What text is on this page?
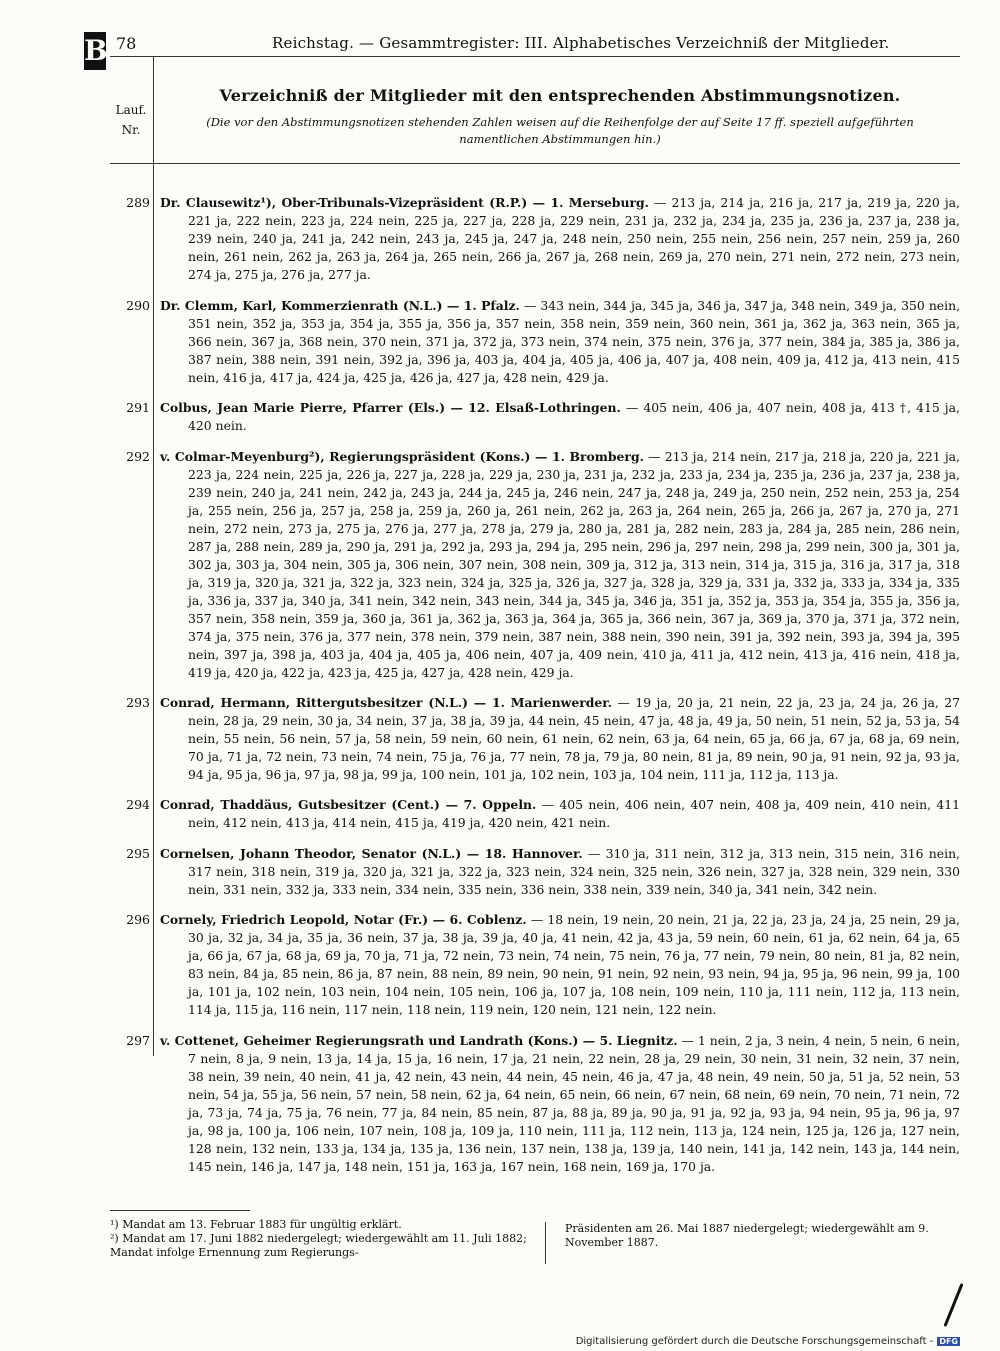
B 78	Reichstag. — Gesammtregister: III. Alphabetisches Verzeichniß der Mitglieder.
Lauf.
Nr.
Verzeichniß der Mitglieder mit den entsprechenden Abstimmungsnotizen.
(Die vor den Abstimmungsnotizen stehenden Zahlen weisen auf die Reihenfolge der auf Seite 17 ff. speziell aufgeführten namentlichen Abstimmungen hin.)
289 Dr. Clausewitz¹), Ober-Tribunals-Vizepräsident (R.P.) — 1. Merseburg. — 213 ja, 214 ja, 216 ja, 217 ja, 219 ja, 220 ja, 221 ja, 222 nein, 223 ja, 224 nein, 225 ja, 227 ja, 228 ja, 229 nein, 231 ja, 232 ja, 234 ja, 235 ja, 236 ja, 237 ja, 238 ja, 239 nein, 240 ja, 241 ja, 242 nein, 243 ja, 245 ja, 247 ja, 248 nein, 250 nein, 255 nein, 256 nein, 257 nein, 259 ja, 260 nein, 261 nein, 262 ja, 263 ja, 264 ja, 265 nein, 266 ja, 267 ja, 268 nein, 269 ja, 270 nein, 271 nein, 272 nein, 273 nein, 274 ja, 275 ja, 276 ja, 277 ja.

290 Dr. Clemm, Karl, Kommerzienrath (N.L.) — 1. Pfalz. — 343 nein, 344 ja, 345 ja, 346 ja, 347 ja, 348 nein, 349 ja, 350 nein, 351 nein, 352 ja, 353 ja, 354 ja, 355 ja, 356 ja, 357 nein, 358 nein, 359 nein, 360 nein, 361 ja, 362 ja, 363 nein, 365 ja, 366 nein, 367 ja, 368 nein, 370 nein, 371 ja, 372 ja, 373 nein, 374 nein, 375 nein, 376 ja, 377 nein, 384 ja, 385 ja, 386 ja, 387 nein, 388 nein, 391 nein, 392 ja, 396 ja, 403 ja, 404 ja, 405 ja, 406 ja, 407 ja, 408 nein, 409 ja, 412 ja, 413 nein, 415 nein, 416 ja, 417 ja, 424 ja, 425 ja, 426 ja, 427 ja, 428 nein, 429 ja.

291 Colbus, Jean Marie Pierre, Pfarrer (Els.) — 12. Elsaß-Lothringen. — 405 nein, 406 ja, 407 nein, 408 ja, 413 †, 415 ja, 420 nein.

292 v. Colmar-Meyenburg²), Regierungspräsident (Kons.) — 1. Bromberg. — 213 ja, 214 nein, 217 ja, 218 ja, 220 ja, 221 ja, 223 ja, 224 nein, 225 ja, 226 ja, 227 ja, 228 ja, 229 ja, 230 ja, 231 ja, 232 ja, 233 ja, 234 ja, 235 ja, 236 ja, 237 ja, 238 ja, 239 nein, 240 ja, 241 nein, 242 ja, 243 ja, 244 ja, 245 ja, 246 nein, 247 ja, 248 ja, 249 ja, 250 nein, 252 nein, 253 ja, 254 ja, 255 nein, 256 ja, 257 ja, 258 ja, 259 ja, 260 ja, 261 nein, 262 ja, 263 ja, 264 nein, 265 ja, 266 ja, 267 ja, 270 ja, 271 nein, 272 nein, 273 ja, 275 ja, 276 ja, 277 ja, 278 ja, 279 ja, 280 ja, 281 ja, 282 nein, 283 ja, 284 ja, 285 nein, 286 nein, 287 ja, 288 nein, 289 ja, 290 ja, 291 ja, 292 ja, 293 ja, 294 ja, 295 nein, 296 ja, 297 nein, 298 ja, 299 nein, 300 ja, 301 ja, 302 ja, 303 ja, 304 nein, 305 ja, 306 nein, 307 nein, 308 nein, 309 ja, 312 ja, 313 nein, 314 ja, 315 ja, 316 ja, 317 ja, 318 ja, 319 ja, 320 ja, 321 ja, 322 ja, 323 nein, 324 ja, 325 ja, 326 ja, 327 ja, 328 ja, 329 ja, 331 ja, 332 ja, 333 ja, 334 ja, 335 ja, 336 ja, 337 ja, 340 ja, 341 nein, 342 nein, 343 nein, 344 ja, 345 ja, 346 ja, 351 ja, 352 ja, 353 ja, 354 ja, 355 ja, 356 ja, 357 nein, 358 nein, 359 ja, 360 ja, 361 ja, 362 ja, 363 ja, 364 ja, 365 ja, 366 nein, 367 ja, 369 ja, 370 ja, 371 ja, 372 nein, 374 ja, 375 nein, 376 ja, 377 nein, 378 nein, 379 nein, 387 nein, 388 nein, 390 nein, 391 ja, 392 nein, 393 ja, 394 ja, 395 nein, 397 ja, 398 ja, 403 ja, 404 ja, 405 ja, 406 nein, 407 ja, 409 nein, 410 ja, 411 ja, 412 nein, 413 ja, 416 nein, 418 ja, 419 ja, 420 ja, 422 ja, 423 ja, 425 ja, 427 ja, 428 nein, 429 ja.

293 Conrad, Hermann, Rittergutsbesitzer (N.L.) — 1. Marienwerder. — 19 ja, 20 ja, 21 nein, 22 ja, 23 ja, 24 ja, 26 ja, 27 nein, 28 ja, 29 nein, 30 ja, 34 nein, 37 ja, 38 ja, 39 ja, 44 nein, 45 nein, 47 ja, 48 ja, 49 ja, 50 nein, 51 nein, 52 ja, 53 ja, 54 nein, 55 nein, 56 nein, 57 ja, 58 nein, 59 nein, 60 nein, 61 nein, 62 nein, 63 ja, 64 nein, 65 ja, 66 ja, 67 ja, 68 ja, 69 nein, 70 ja, 71 ja, 72 nein, 73 nein, 74 nein, 75 ja, 76 ja, 77 nein, 78 ja, 79 ja, 80 nein, 81 ja, 89 nein, 90 ja, 91 nein, 92 ja, 93 ja, 94 ja, 95 ja, 96 ja, 97 ja, 98 ja, 99 ja, 100 nein, 101 ja, 102 nein, 103 ja, 104 nein, 111 ja, 112 ja, 113 ja.

294 Conrad, Thaddäus, Gutsbesitzer (Cent.) — 7. Oppeln. — 405 nein, 406 nein, 407 nein, 408 ja, 409 nein, 410 nein, 411 nein, 412 nein, 413 ja, 414 nein, 415 ja, 419 ja, 420 nein, 421 nein.

295 Cornelsen, Johann Theodor, Senator (N.L.) — 18. Hannover. — 310 ja, 311 nein, 312 ja, 313 nein, 315 nein, 316 nein, 317 nein, 318 nein, 319 ja, 320 ja, 321 ja, 322 ja, 323 nein, 324 nein, 325 nein, 326 nein, 327 ja, 328 nein, 329 nein, 330 nein, 331 nein, 332 ja, 333 nein, 334 nein, 335 nein, 336 nein, 338 nein, 339 nein, 340 ja, 341 nein, 342 nein.

296 Cornely, Friedrich Leopold, Notar (Fr.) — 6. Coblenz. — 18 nein, 19 nein, 20 nein, 21 ja, 22 ja, 23 ja, 24 ja, 25 nein, 29 ja, 30 ja, 32 ja, 34 ja, 35 ja, 36 nein, 37 ja, 38 ja, 39 ja, 40 ja, 41 nein, 42 ja, 43 ja, 59 nein, 60 nein, 61 ja, 62 nein, 64 ja, 65 ja, 66 ja, 67 ja, 68 ja, 69 ja, 70 ja, 71 ja, 72 nein, 73 nein, 74 nein, 75 nein, 76 ja, 77 nein, 79 nein, 80 nein, 81 ja, 82 nein, 83 nein, 84 ja, 85 nein, 86 ja, 87 nein, 88 nein, 89 nein, 90 nein, 91 nein, 92 nein, 93 nein, 94 ja, 95 ja, 96 nein, 99 ja, 100 ja, 101 ja, 102 nein, 103 nein, 104 nein, 105 nein, 106 ja, 107 ja, 108 nein, 109 nein, 110 ja, 111 nein, 112 ja, 113 nein, 114 ja, 115 ja, 116 nein, 117 nein, 118 nein, 119 nein, 120 nein, 121 nein, 122 nein.

297 v. Cottenet, Geheimer Regierungsrath und Landrath (Kons.) — 5. Liegnitz. — 1 nein, 2 ja, 3 nein, 4 nein, 5 nein, 6 nein, 7 nein, 8 ja, 9 nein, 13 ja, 14 ja, 15 ja, 16 nein, 17 ja, 21 nein, 22 nein, 28 ja, 29 nein, 30 nein, 31 nein, 32 nein, 37 nein, 38 nein, 39 nein, 40 nein, 41 ja, 42 nein, 43 nein, 44 nein, 45 nein, 46 ja, 47 ja, 48 nein, 49 nein, 50 ja, 51 ja, 52 nein, 53 nein, 54 ja, 55 ja, 56 nein, 57 nein, 58 nein, 62 ja, 64 nein, 65 nein, 66 nein, 67 nein, 68 nein, 69 nein, 70 nein, 71 nein, 72 ja, 73 ja, 74 ja, 75 ja, 76 nein, 77 ja, 84 nein, 85 nein, 87 ja, 88 ja, 89 ja, 90 ja, 91 ja, 92 ja, 93 ja, 94 nein, 95 ja, 96 ja, 97 ja, 98 ja, 100 ja, 106 nein, 107 nein, 108 ja, 109 ja, 110 nein, 111 ja, 112 nein, 113 ja, 124 nein, 125 ja, 126 ja, 127 nein, 128 nein, 132 nein, 133 ja, 134 ja, 135 ja, 136 nein, 137 nein, 138 ja, 139 ja, 140 nein, 141 ja, 142 nein, 143 ja, 144 nein, 145 nein, 146 ja, 147 ja, 148 nein, 151 ja, 163 ja, 167 nein, 168 nein, 169 ja, 170 ja.

¹) Mandat am 13. Februar 1883 für ungültig erklärt.

²) Mandat am 17. Juni 1882 niedergelegt; wiedergewählt am 11. Juli 1882; Mandat infolge Ernennung zum Regierungs-

Präsidenten am 26. Mai 1887 niedergelegt; wiedergewählt am 9. November 1887.

Digitalisierung gefördert durch die Deutsche Forschungsgemeinschaft - DFG
